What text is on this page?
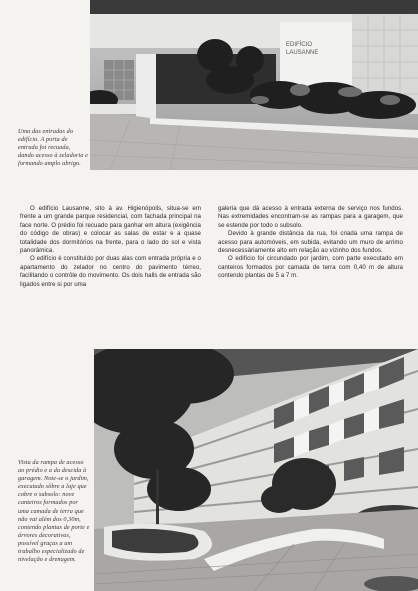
EDIFÍCIO
LAUSANNE
Uma das entradas do edifício. A porta de entrada foi recuada, dando acesso à zeladoria e formando amplo abrigo.

O edifício Lausanne, sito à av. Higienópolis, situa-se em frente a um grande parque residencial, com fachada principal na face norte. O prédio foi recuado para ganhar em altura (exigência do código de obras) e colocar as salas de estar e a quase totalidade dos dormitórios na frente, para o lado do sol e vista panorâmica.

O edifício é constituído por duas alas com entrada própria e o apartamento do zelador no centro do pavimento térreo, facilitando o contrôle do movimento. Os dois halls de entrada são ligados entre si por uma

galeria que dá acesso à entrada externa de serviço nos fundos. Nas extremidades encontram-se as rampas para a garagem, que se estende por todo o subsolo.

Devido à grande distância da rua, foi criada uma rampa de acesso para automóveis, em subida, evitando um muro de arrimo desnecessàriamente alto em relação ao vizinho dos fundos.

O edifício foi circundado por jardim, com parte executado em canteiros formados por camada de terra com 0,40 m de altura contendo plantas de 5 a 7 m.

Vista da rampa de acesso ao prédio e a da descida à garagem. Note-se o jardim, executado sôbre a laje que cobre o subsolo: nove canteiros formados por uma camada de terra que não vai além dos 0,30m, contendo plantas de porte e árvores decorativas, possível graças a um trabalho especializado de nivelação e drenagem.
